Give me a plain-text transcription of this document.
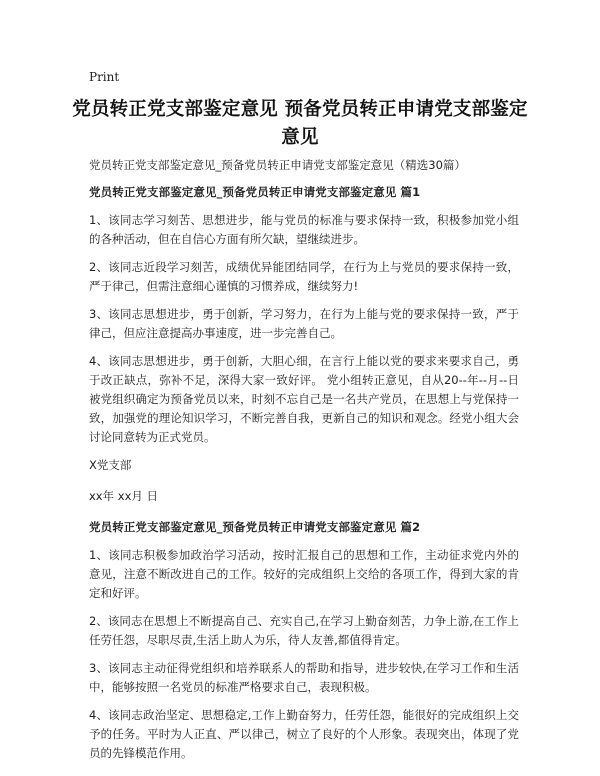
Print
党员转正党支部鉴定意见 预备党员转正申请党支部鉴定意见

党员转正党支部鉴定意见_预备党员转正申请党支部鉴定意见（精选30篇）

党员转正党支部鉴定意见_预备党员转正申请党支部鉴定意见 篇1

1、该同志学习刻苦、思想进步，能与党员的标准与要求保持一致，积极参加党小组的各种活动，但在自信心方面有所欠缺，望继续进步。

2、该同志近段学习刻苦，成绩优异能团结同学，在行为上与党员的要求保持一致，严于律己，但需注意细心谨慎的习惯养成，继续努力!

3、该同志思想进步，勇于创新，学习努力，在行为上能与党的要求保持一致，严于律己，但应注意提高办事速度，进一步完善自己。

4、该同志思想进步，勇于创新，大胆心细，在言行上能以党的要求来要求自己，勇于改正缺点，弥补不足，深得大家一致好评。 党小组转正意见，自从20--年--月--日被党组织确定为预备党员以来，时刻不忘自己是一名共产党员，在思想上与党保持一致，加强党的理论知识学习，不断完善自我，更新自己的知识和观念。经党小组大会讨论同意转为正式党员。

X党支部

xx年 xx月 日

党员转正党支部鉴定意见_预备党员转正申请党支部鉴定意见 篇2

1、该同志积极参加政治学习活动，按时汇报自己的思想和工作，主动征求党内外的意见，注意不断改进自己的工作。较好的完成组织上交给的各项工作，得到大家的肯定和好评。

2、该同志在思想上不断提高自己、充实自己,在学习上勤奋刻苦，力争上游,在工作上任劳任怨，尽职尽责,生活上助人为乐，待人友善,都值得肯定。

3、该同志主动征得党组织和培养联系人的帮助和指导，进步较快,在学习工作和生活中，能够按照一名党员的标准严格要求自己，表现积极。

4、该同志政治坚定、思想稳定,工作上勤奋努力，任劳任怨，能很好的完成组织上交予的任务。平时为人正直、严以律己，树立了良好的个人形象。表现突出，体现了党员的先锋模范作用。
